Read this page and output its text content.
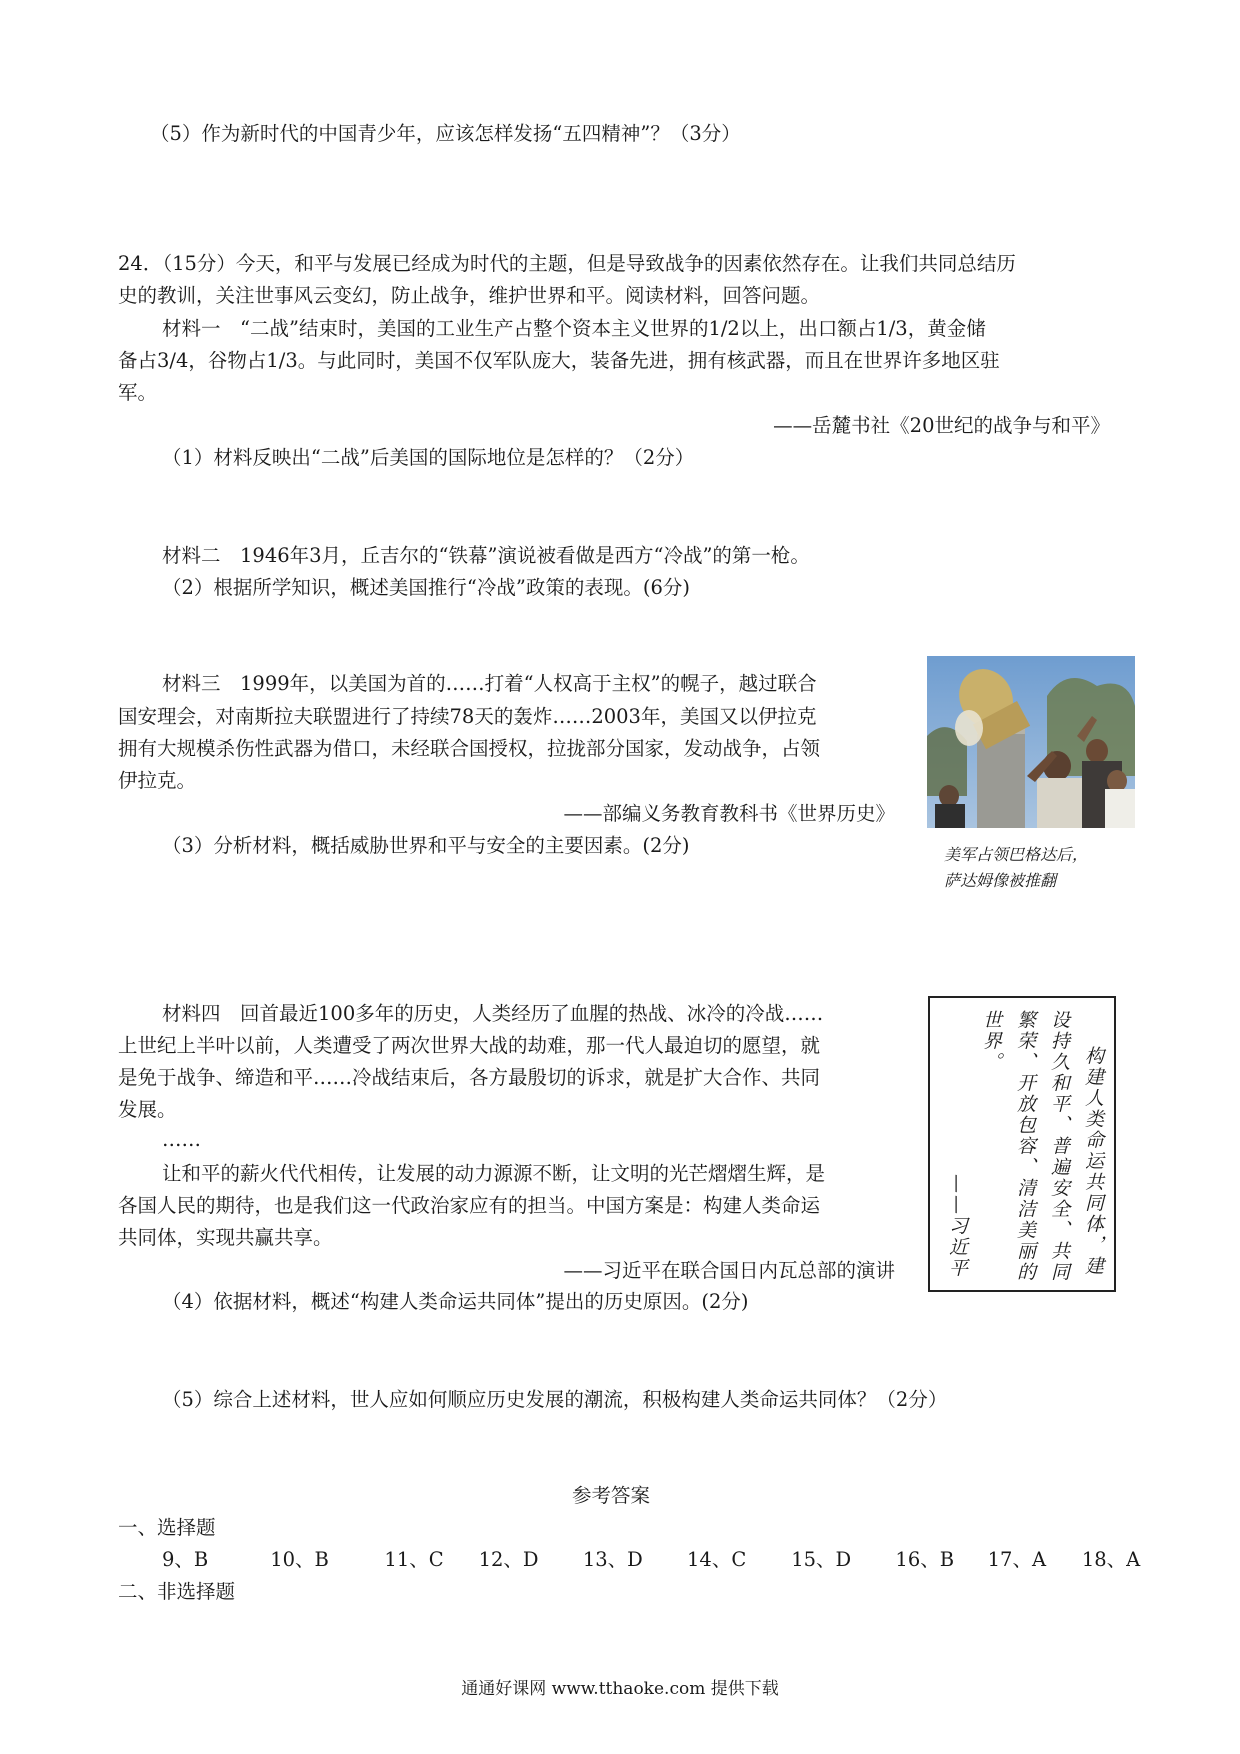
（5）作为新时代的中国青少年，应该怎样发扬“五四精神”？（3分）
24．（15分）今天，和平与发展已经成为时代的主题，但是导致战争的因素依然存在。让我们共同总结历
史的教训，关注世事风云变幻，防止战争，维护世界和平。阅读材料，回答问题。
材料一　“二战”结束时，美国的工业生产占整个资本主义世界的1/2以上，出口额占1/3，黄金储
备占3/4，谷物占1/3。与此同时，美国不仅军队庞大，装备先进，拥有核武器，而且在世界许多地区驻
军。
——岳麓书社《20世纪的战争与和平》
（1）材料反映出“二战”后美国的国际地位是怎样的？（2分）
材料二　1946年3月，丘吉尔的“铁幕”演说被看做是西方“冷战”的第一枪。
（2）根据所学知识，概述美国推行“冷战”政策的表现。(6分)
材料三　1999年，以美国为首的……打着“人权高于主权”的幌子，越过联合
国安理会，对南斯拉夫联盟进行了持续78天的轰炸……2003年，美国又以伊拉克
拥有大规模杀伤性武器为借口，未经联合国授权，拉拢部分国家，发动战争，占领
伊拉克。
——部编义务教育教科书《世界历史》
（3）分析材料，概括威胁世界和平与安全的主要因素。(2分)	美军占领巴格达后，
萨达姆像被推翻
材料四　回首最近100多年的历史，人类经历了血腥的热战、冰冷的冷战……
上世纪上半叶以前，人类遭受了两次世界大战的劫难，那一代人最迫切的愿望，就
是免于战争、缔造和平……冷战结束后，各方最殷切的诉求，就是扩大合作、共同
发展。
……
让和平的薪火代代相传，让发展的动力源源不断，让文明的光芒熠熠生辉，是
各国人民的期待，也是我们这一代政治家应有的担当。中国方案是：构建人类命运
共同体，实现共赢共享。
——习近平在联合国日内瓦总部的演讲
（4）依据材料，概述“构建人类命运共同体”提出的历史原因。(2分)
构建人类命运共同体，建
设持久和平、普遍安全、共同
繁荣、开放包容、清洁美丽的
世界。
——习近平
（5）综合上述材料，世人应如何顺应历史发展的潮流，积极构建人类命运共同体？（2分）
参考答案
一、选择题
9、B	10、B	11、C 12、D 13、D 14、C 15、D 16、B 17、A 18、A
二、非选择题
通通好课网 www.tthaoke.com 提供下载
